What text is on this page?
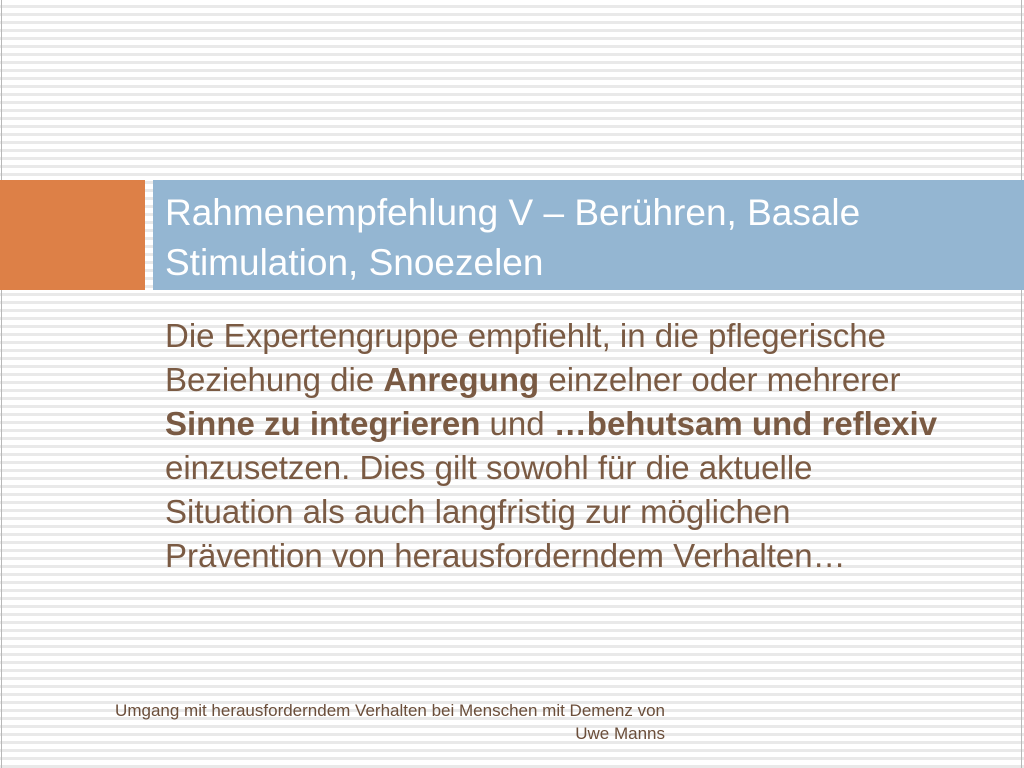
Rahmenempfehlung V – Berühren, Basale Stimulation, Snoezelen
Die Expertengruppe empfiehlt, in die pflegerische
Beziehung die Anregung einzelner oder mehrerer
Sinne zu integrieren und …behutsam und reflexiv
einzusetzen. Dies gilt sowohl für die aktuelle
Situation als auch langfristig zur möglichen
Prävention von herausforderndem Verhalten…
Umgang mit herausforderndem Verhalten bei Menschen mit Demenz von
Uwe Manns
